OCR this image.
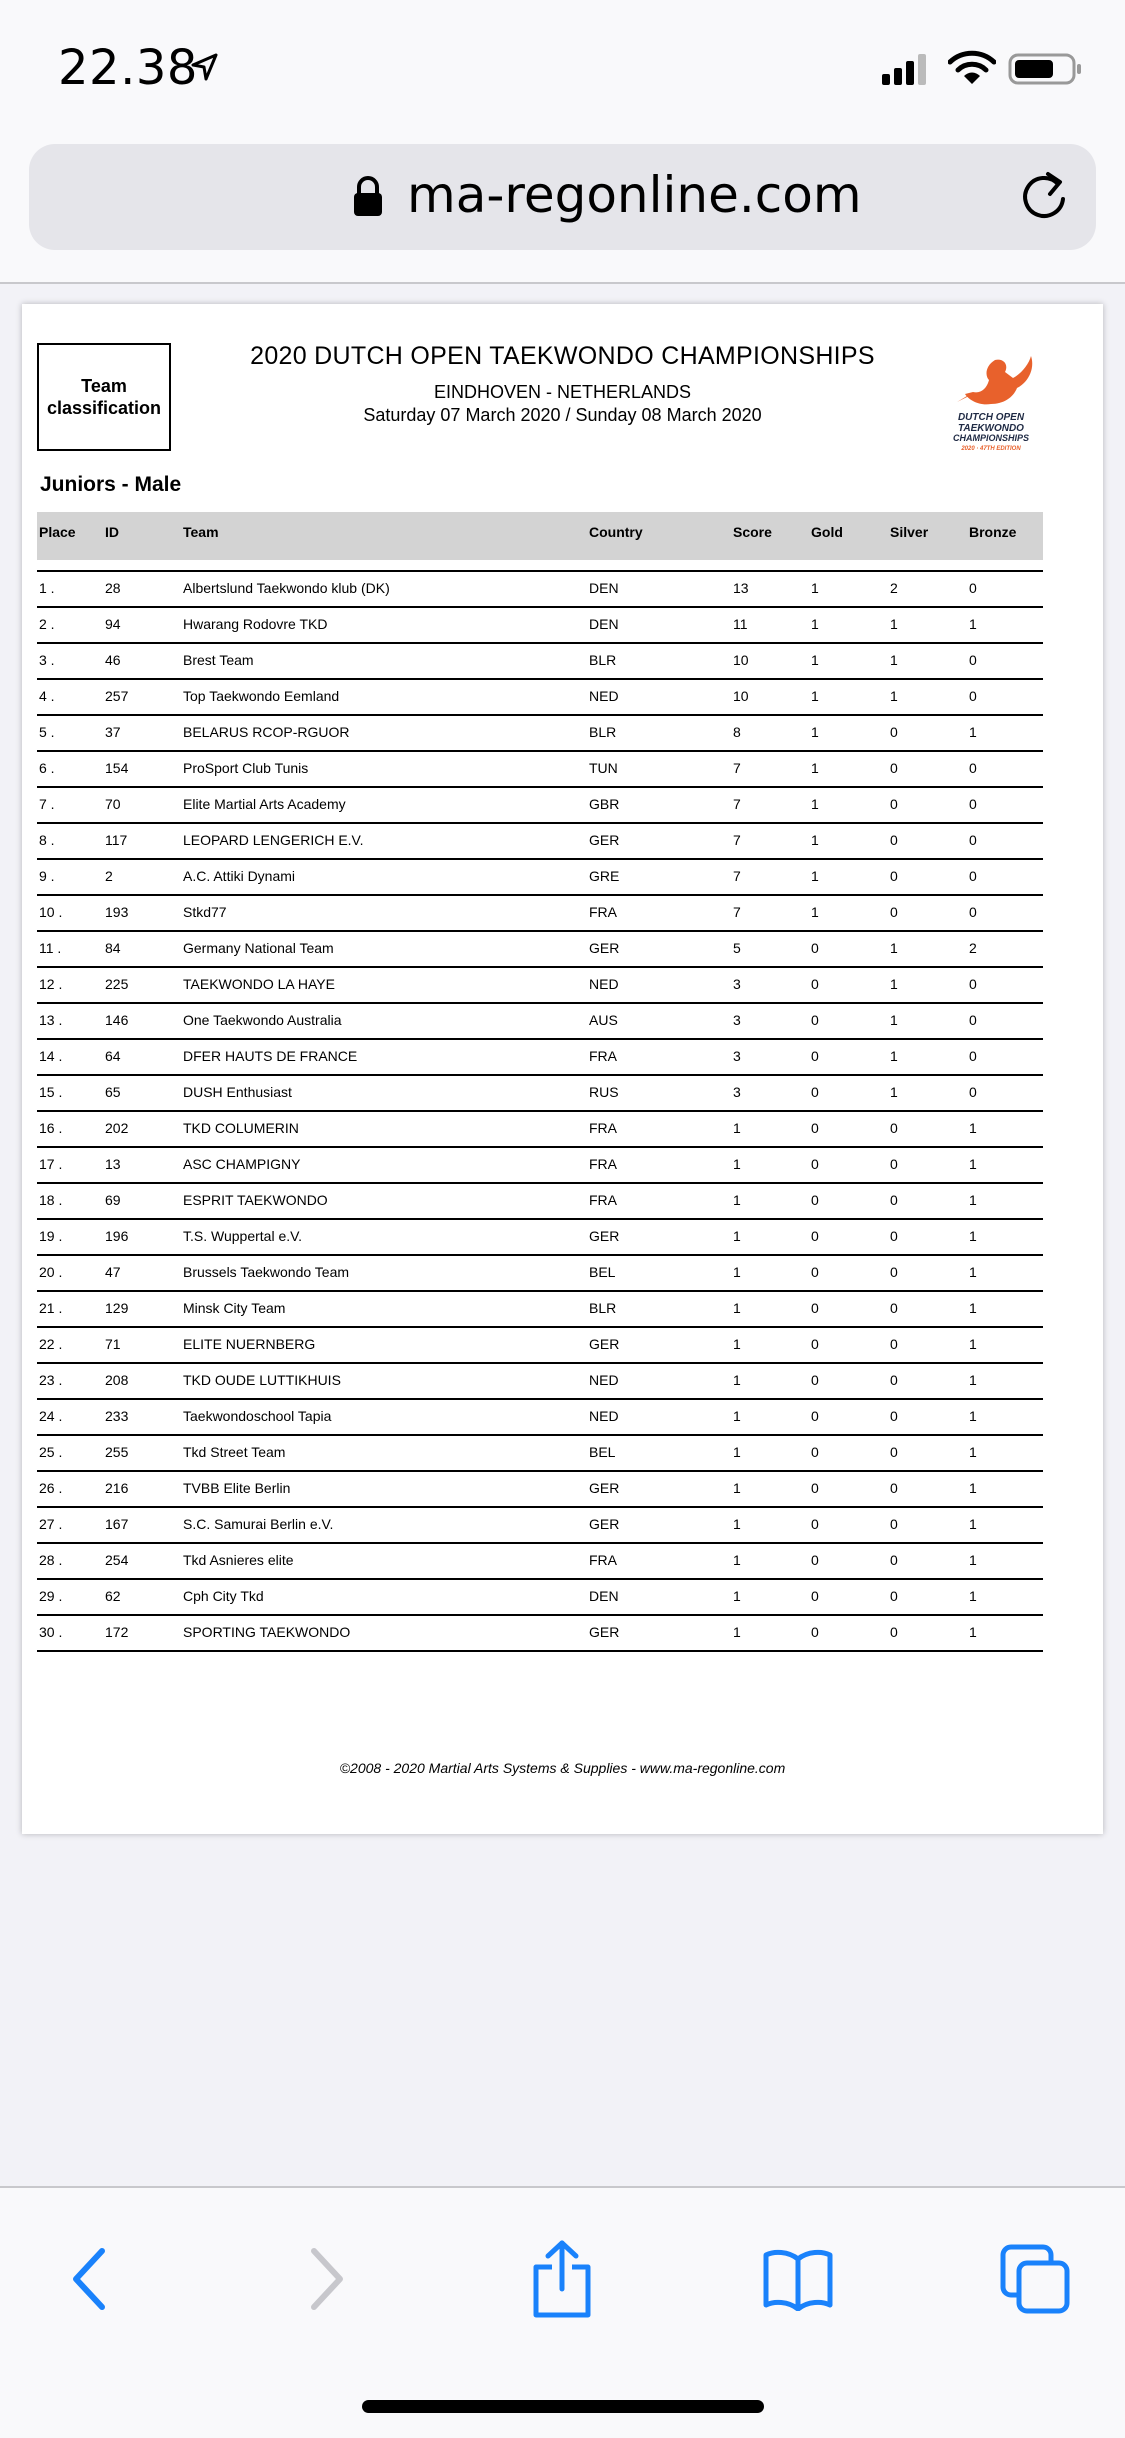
22.38
ma-regonline.com
Team classification
2020 DUTCH OPEN TAEKWONDO CHAMPIONSHIPS
EINDHOVEN - NETHERLANDS
Saturday 07 March 2020 / Sunday 08 March 2020	DUTCH OPEN
TAEKWONDO
CHAMPIONSHIPS
2020 · 47TH EDITION
Juniors - Male
Place ID	Team	Country	Score	Gold	Silver	Bronze
1 .	28	Albertslund Taekwondo klub (DK)	DEN	13	1	2	0
2 .	94	Hwarang Rodovre TKD	DEN	11	1	1	1
3 .	46	Brest Team	BLR	10	1	1	0
4 .	257	Top Taekwondo Eemland	NED	10	1	1	0
5 .	37	BELARUS RCOP-RGUOR	BLR	8	1	0	1
6 .	154	ProSport Club Tunis	TUN	7	1	0	0
7 .	70	Elite Martial Arts Academy	GBR	7	1	0	0
8 .	117	LEOPARD LENGERICH E.V.	GER	7	1	0	0
9 .	2	A.C. Attiki Dynami	GRE	7	1	0	0
10 .	193	Stkd77	FRA	7	1	0	0
11 .	84	Germany National Team	GER	5	0	1	2
12 .	225	TAEKWONDO LA HAYE	NED	3	0	1	0
13 .	146	One Taekwondo Australia	AUS	3	0	1	0
14 .	64	DFER HAUTS DE FRANCE	FRA	3	0	1	0
15 .	65	DUSH Enthusiast	RUS	3	0	1	0
16 .	202	TKD COLUMERIN	FRA	1	0	0	1
17 .	13	ASC CHAMPIGNY	FRA	1	0	0	1
18 .	69	ESPRIT TAEKWONDO	FRA	1	0	0	1
19 .	196	T.S. Wuppertal e.V.	GER	1	0	0	1
20 .	47	Brussels Taekwondo Team	BEL	1	0	0	1
21 .	129	Minsk City Team	BLR	1	0	0	1
22 .	71	ELITE NUERNBERG	GER	1	0	0	1
23 .	208	TKD OUDE LUTTIKHUIS	NED	1	0	0	1
24 .	233	Taekwondoschool Tapia	NED	1	0	0	1
25 .	255	Tkd Street Team	BEL	1	0	0	1
26 .	216	TVBB Elite Berlin	GER	1	0	0	1
27 .	167	S.C. Samurai Berlin e.V.	GER	1	0	0	1
28 .	254	Tkd Asnieres elite	FRA	1	0	0	1
29 .	62	Cph City Tkd	DEN	1	0	0	1
30 .	172	SPORTING TAEKWONDO	GER	1	0	0	1
©2008 - 2020 Martial Arts Systems & Supplies - www.ma-regonline.com
